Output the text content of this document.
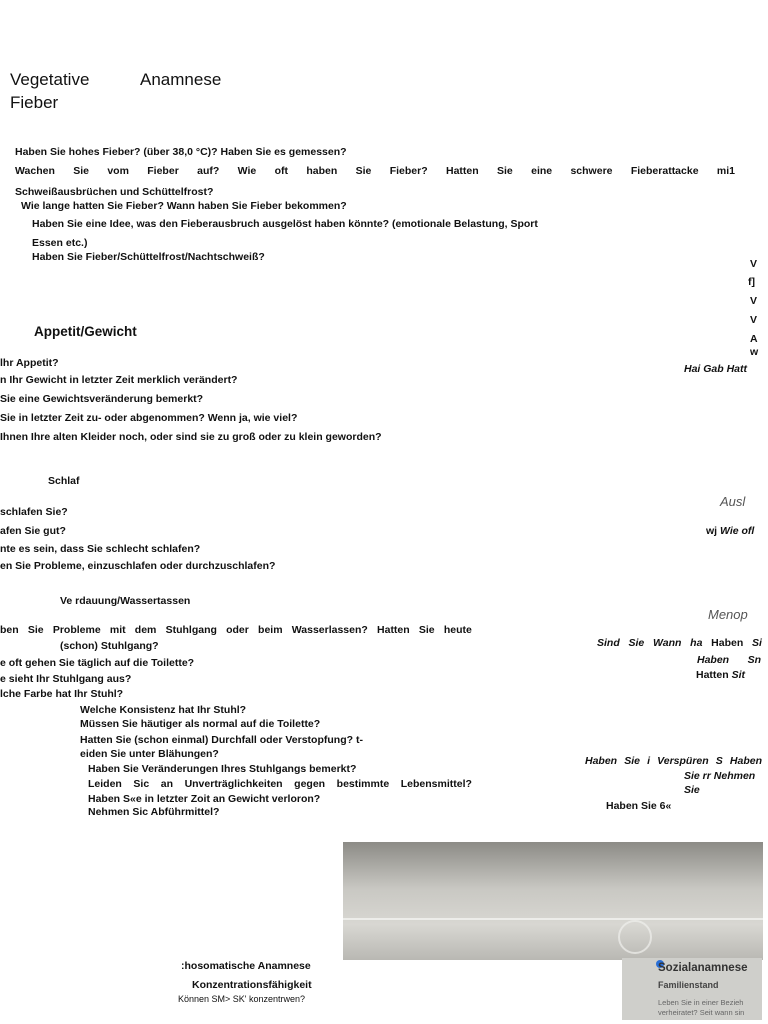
Vegetative	Anamnese
Fieber
Haben Sie hohes Fieber? (über 38,0 °C)? Haben Sie es gemessen?
Wachen Sie vom Fieber auf? Wie oft haben Sie Fieber? Hatten Sie eine schwere Fieberattacke mi1
Schweißausbrüchen und Schüttelfrost?
Wie lange hatten Sie Fieber? Wann haben Sie Fieber bekommen?
Haben Sie eine Idee, was den Fieberausbruch ausgelöst haben könnte? (emotionale Belastung, Sport
Essen etc.)
Haben Sie Fieber/Schüttelfrost/Nachtschweiß?
V
f]
V
V
A
w
Hai Gab Hatt
Ausl
wj Wie ofl
Menop
Sind Sie Wann ha Haben Si
Haben Sn
Hatten Sit
Haben Sie i Verspüren S Haben
Sie rr Nehmen
Sie
Haben Sie 6«
Appetit/Gewicht
lhr Appetit?
n Ihr Gewicht in letzter Zeit merklich verändert?
Sie eine Gewichtsveränderung bemerkt?
Sie in letzter Zeit zu- oder abgenommen? Wenn ja, wie viel?
Ihnen Ihre alten Kleider noch, oder sind sie zu groß oder zu klein geworden?
Schlaf
schlafen Sie?
afen Sie gut?
nte es sein, dass Sie schlecht schlafen?
en Sie Probleme, einzuschlafen oder durchzuschlafen?
Ve rdauung/Wassertassen
ben Sie Probleme mit dem Stuhlgang oder beim Wasserlassen? Hatten Sie heute
(schon) Stuhlgang?
e oft gehen Sie täglich auf die Toilette?
e sieht Ihr Stuhlgang aus?
lche Farbe hat Ihr Stuhl?
Welche Konsistenz hat Ihr Stuhl?
Müssen Sie häutiger als normal auf die Toilette?
Hatten Sie (schon einmal) Durchfall oder Verstopfung? t-
eiden Sie unter Blähungen?
Haben Sie Veränderungen Ihres Stuhlgangs bemerkt?
Leiden Sic an Unverträglichkeiten gegen bestimmte Lebensmittel?
Haben S«e in letzter Zoit an Gewicht verloron?
Nehmen Sic Abführmittel?
:hosomatische Anamnese
Konzentrationsfähigkeit
Können SM> SK' konzentrwen?
Sozialanamnese
Familienstand
Leben Sie in einer Bezieh
verheiratet? Seit wann sin
